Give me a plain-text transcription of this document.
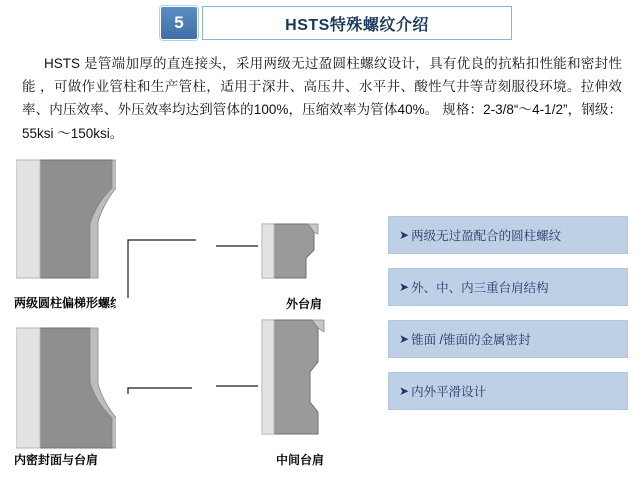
5	HSTS特殊螺纹介绍
HSTS 是管端加厚的直连接头，采用两级无过盈圆柱螺纹设计，具有优良的抗粘扣性能和密封性能 ，可做作业管柱和生产管柱，适用于深井、高压井、水平井、酸性气井等苛刻服役环境。拉伸效率、内压效率、外压效率均达到管体的100%，压缩效率为管体40%。 规格：2-3/8“～4-1/2”，钢级：55ksi ～150ksi。
两级圆柱偏梯形螺纹
内密封面与台肩
外台肩
中间台肩
➤ 两级无过盈配合的圆柱螺纹
➤ 外、中、内三重台肩结构
➤ 锥面 /锥面的金属密封
➤ 内外平滑设计
